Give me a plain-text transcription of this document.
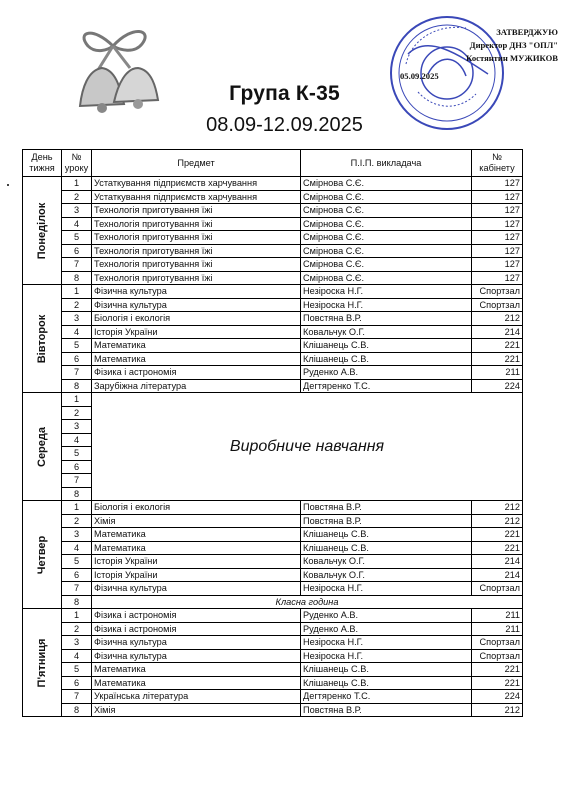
ЗАТВЕРДЖУЮ
Директор ДНЗ "ОПЛ"
Костянтин МУЖИКОВ
05.09.2025
Група К-35
08.09-12.09.2025
День тижня	№ уроку	Предмет	П.І.П. викладача	№ кабінету

Понеділок	1	Устаткування підприємств харчування	Смірнова С.Є.	127
	2	Устаткування підприємств харчування	Смірнова С.Є.	127
	3	Технологія приготування їжі	Смірнова С.Є.	127
	4	Технологія приготування їжі	Смірнова С.Є.	127
	5	Технологія приготування їжі	Смірнова С.Є.	127
	6	Технологія приготування їжі	Смірнова С.Є.	127
	7	Технологія приготування їжі	Смірнова С.Є.	127
	8	Технологія приготування їжі	Смірнова С.Є.	127

Вівторок	1	Фізична культура	Незіроска Н.Г.	Спортзал
	2	Фізична культура	Незіроска Н.Г.	Спортзал
	3	Біологія і екологія	Повстяна В.Р.	212
	4	Історія України	Ковальчук О.Г.	214
	5	Математика	Клішанець С.В.	221
	6	Математика	Клішанець С.В.	221
	7	Фізика і астрономія	Руденко А.В.	211
	8	Зарубіжна література	Дегтяренко Т.С.	224

Середа	1	Виробниче навчання		
	2			
	3			
	4			
	5			
	6			
	7			
	8			

Четвер	1	Біологія і екологія	Повстяна В.Р.	212
	2	Хімія	Повстяна В.Р.	212
	3	Математика	Клішанець С.В.	221
	4	Математика	Клішанець С.В.	221
	5	Історія України	Ковальчук О.Г.	214
	6	Історія України	Ковальчук О.Г.	214
	7	Фізична культура	Незіроска Н.Г.	Спортзал
	8	Класна година		

П'ятниця	1	Фізика і астрономія	Руденко А.В.	211
	2	Фізика і астрономія	Руденко А.В.	211
	3	Фізична культура	Незіроска Н.Г.	Спортзал
	4	Фізична культура	Незіроска Н.Г.	Спортзал
	5	Математика	Клішанець С.В.	221
	6	Математика	Клішанець С.В.	221
	7	Українська література	Дегтяренко Т.С.	224
	8	Хімія	Повстяна В.Р.	212
